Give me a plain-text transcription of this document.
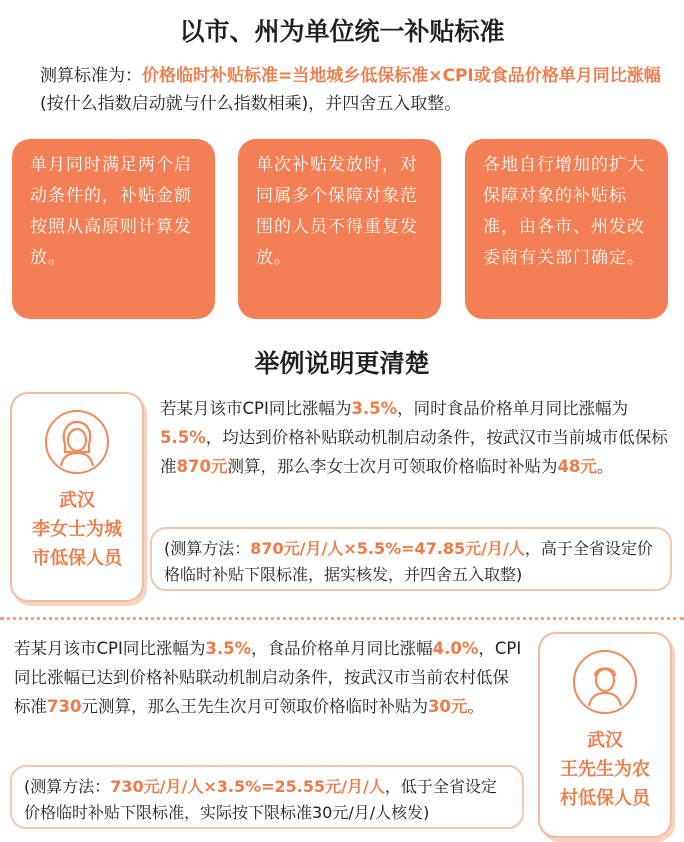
以市、州为单位统一补贴标准
测算标准为：价格临时补贴标准=当地城乡低保标准×CPI或食品价格单月同比涨幅(按什么指数启动就与什么指数相乘)，并四舍五入取整。
单月同时满足两个启动条件的，补贴金额按照从高原则计算发放。
单次补贴发放时，对同属多个保障对象范围的人员不得重复发放。
各地自行增加的扩大保障对象的补贴标准，由各市、州发改委商有关部门确定。
举例说明更清楚
武汉
李女士为城
市低保人员
若某月该市CPI同比涨幅为3.5%，同时食品价格单月同比涨幅为5.5%，均达到价格补贴联动机制启动条件，按武汉市当前城市低保标准870元测算，那么李女士次月可领取价格临时补贴为48元。
(测算方法：870元/月/人×5.5%=47.85元/月/人，高于全省设定价格临时补贴下限标准，据实核发，并四舍五入取整)
若某月该市CPI同比涨幅为3.5%，食品价格单月同比涨幅4.0%，CPI同比涨幅已达到价格补贴联动机制启动条件，按武汉市当前农村低保标准730元测算，那么王先生次月可领取价格临时补贴为30元。
(测算方法：730元/月/人×3.5%=25.55元/月/人，低于全省设定价格临时补贴下限标准，实际按下限标准30元/月/人核发)
武汉
王先生为农
村低保人员
